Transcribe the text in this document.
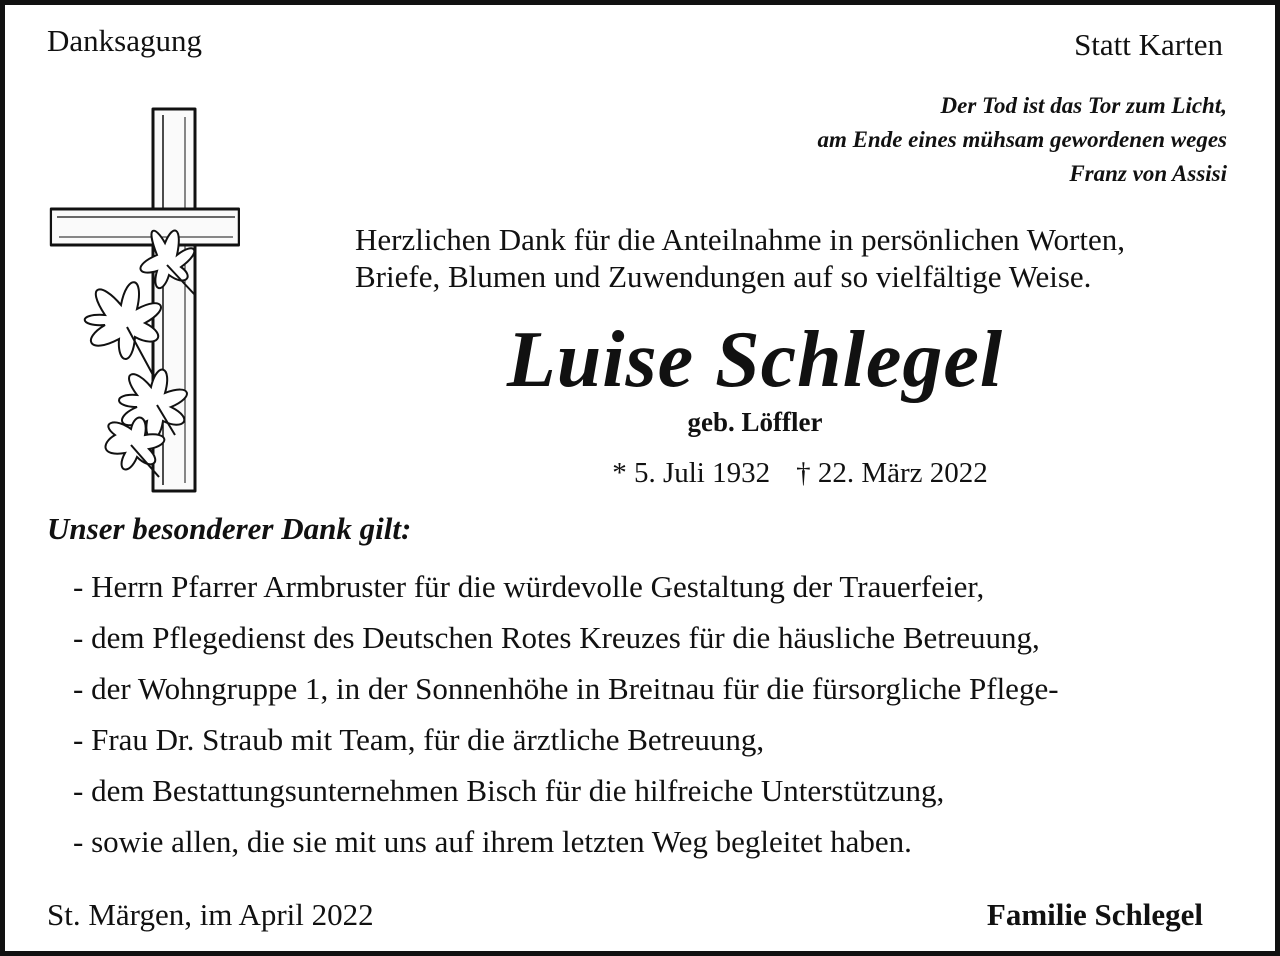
Danksagung	Statt Karten
Der Tod ist das Tor zum Licht,
am Ende eines mühsam gewordenen weges
Franz von Assisi
Herzlichen Dank für die Anteilnahme in persönlichen Worten,
Briefe, Blumen und Zuwendungen auf so vielfältige Weise.
Luise Schlegel
geb. Löffler
* 5. Juli 1932 † 22. März 2022
Unser besonderer Dank gilt:
- Herrn Pfarrer Armbruster für die würdevolle Gestaltung der Trauerfeier,
- dem Pflegedienst des Deutschen Rotes Kreuzes für die häusliche Betreuung,
- der Wohngruppe 1, in der Sonnenhöhe in Breitnau für die fürsorgliche Pflege-
- Frau Dr. Straub mit Team, für die ärztliche Betreuung,
- dem Bestattungsunternehmen Bisch für die hilfreiche Unterstützung,
- sowie allen, die sie mit uns auf ihrem letzten Weg begleitet haben.
St. Märgen, im April 2022	Familie Schlegel
